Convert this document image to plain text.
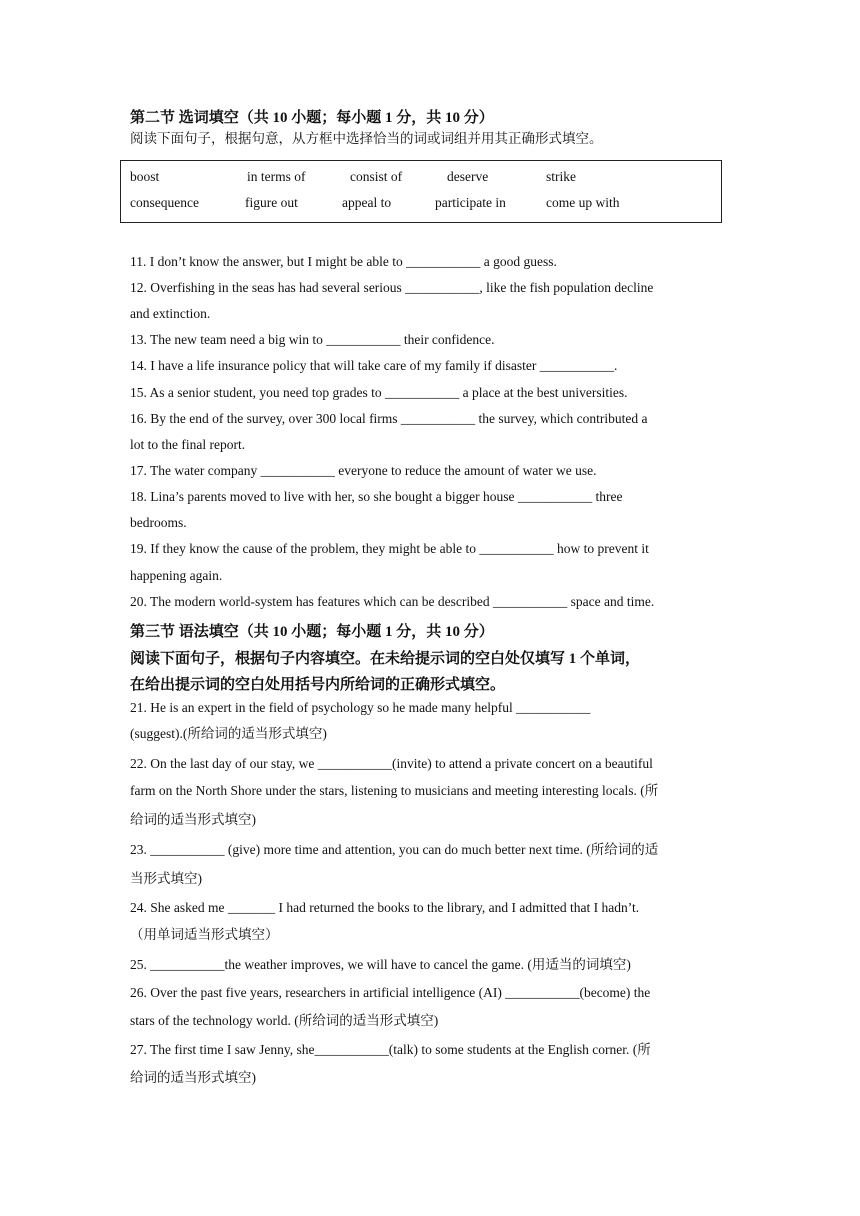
第二节 选词填空（共 10 小题；每小题 1 分，共 10 分）
阅读下面句子，根据句意，从方框中选择恰当的词或词组并用其正确形式填空。
boost	in terms of	consist of	deserve	strike
consequence	figure out	appeal to	participate in	come up with
11. I don’t know the answer, but I might be able to ___________ a good guess.
12. Overfishing in the seas has had several serious ___________, like the fish population decline
and extinction.
13. The new team need a big win to ___________ their confidence.
14. I have a life insurance policy that will take care of my family if disaster ___________.
15. As a senior student, you need top grades to ___________ a place at the best universities.
16. By the end of the survey, over 300 local firms ___________ the survey, which contributed a
lot to the final report.
17. The water company ___________ everyone to reduce the amount of water we use.
18. Lina’s parents moved to live with her, so she bought a bigger house ___________ three
bedrooms.
19. If they know the cause of the problem, they might be able to ___________ how to prevent it
happening again.
20. The modern world-system has features which can be described ___________ space and time.
第三节 语法填空（共 10 小题；每小题 1 分，共 10 分）
阅读下面句子，根据句子内容填空。在未给提示词的空白处仅填写 1 个单词，
在给出提示词的空白处用括号内所给词的正确形式填空。
21. He is an expert in the field of psychology so he made many helpful ___________
(suggest).(所给词的适当形式填空)
22. On the last day of our stay, we ___________(invite) to attend a private concert on a beautiful
farm on the North Shore under the stars, listening to musicians and meeting interesting locals. (所
给词的适当形式填空)
23. ___________ (give) more time and attention, you can do much better next time. (所给词的适
当形式填空)
24. She asked me _______ I had returned the books to the library, and I admitted that I hadn’t.
（用单词适当形式填空）
25. ___________the weather improves, we will have to cancel the game. (用适当的词填空)
26. Over the past five years, researchers in artificial intelligence (AI) ___________(become) the
stars of the technology world. (所给词的适当形式填空)
27. The first time I saw Jenny, she___________(talk) to some students at the English corner. (所
给词的适当形式填空)
